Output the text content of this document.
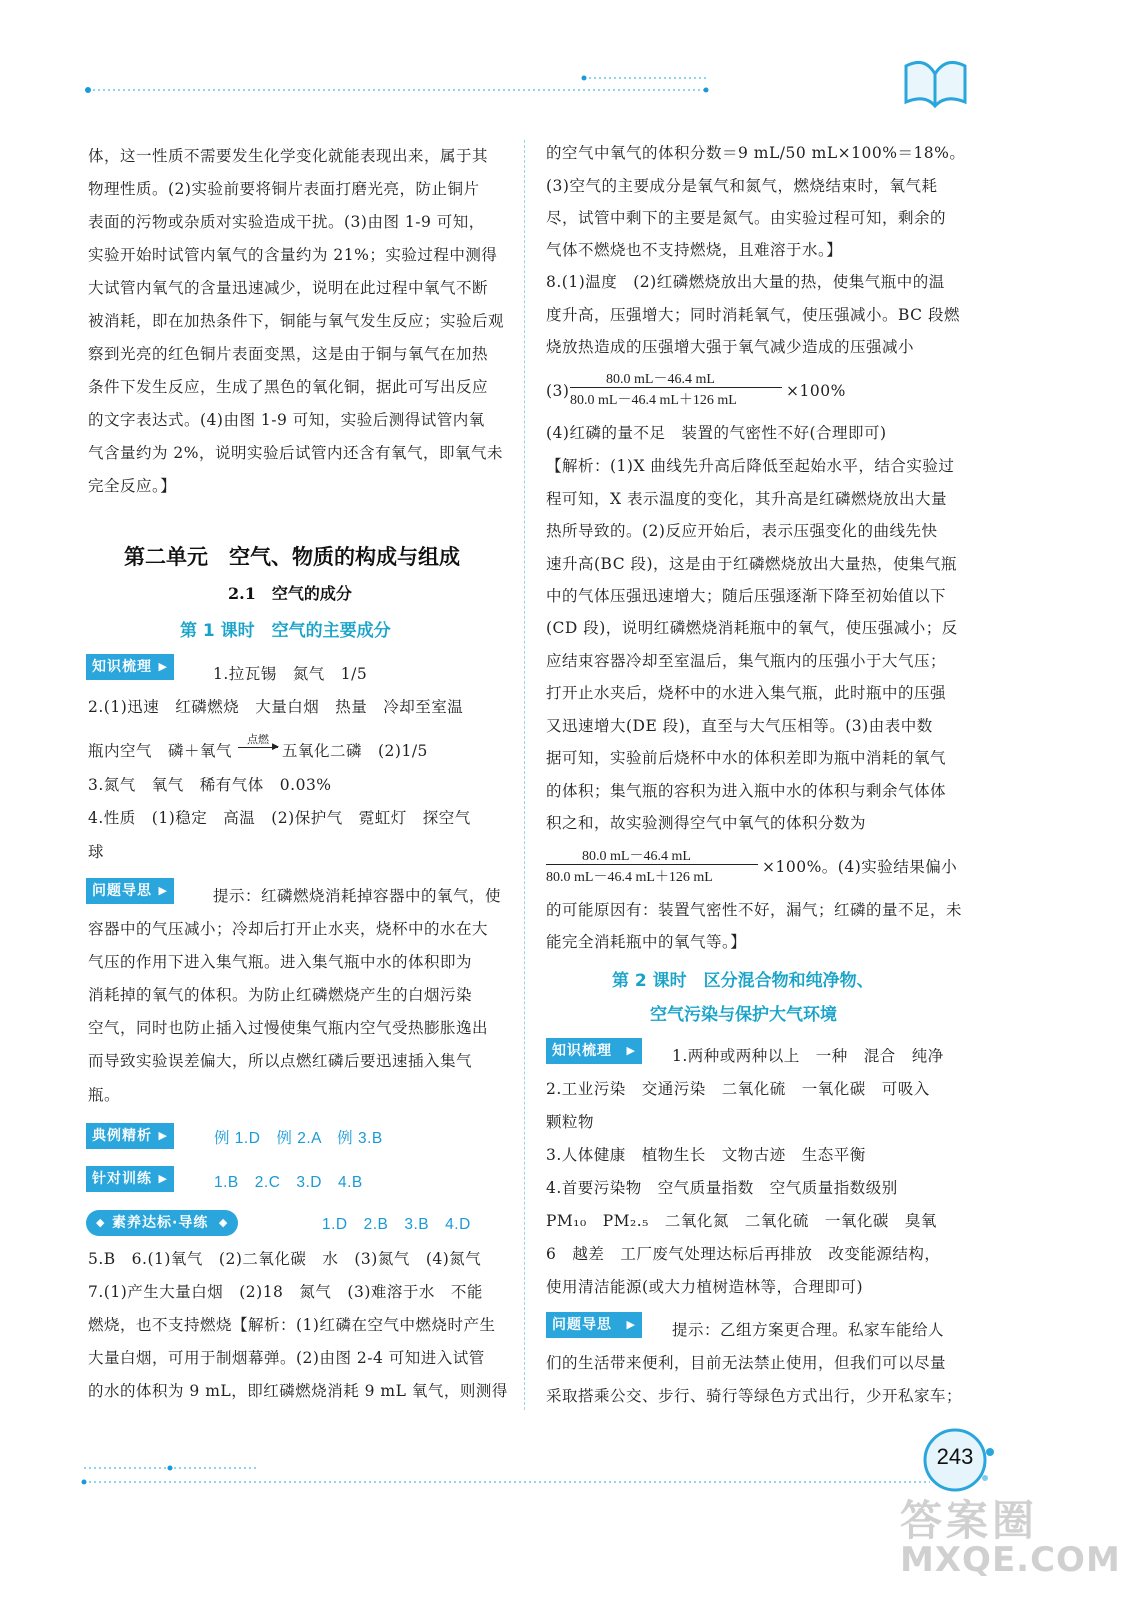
体，这一性质不需要发生化学变化就能表现出来，属于其
物理性质。(2)实验前要将铜片表面打磨光亮，防止铜片
表面的污物或杂质对实验造成干扰。(3)由图 1-9 可知，
实验开始时试管内氧气的含量约为 21%；实验过程中测得
大试管内氧气的含量迅速减少，说明在此过程中氧气不断
被消耗，即在加热条件下，铜能与氧气发生反应；实验后观
察到光亮的红色铜片表面变黑，这是由于铜与氧气在加热
条件下发生反应，生成了黑色的氧化铜，据此可写出反应
的文字表达式。(4)由图 1-9 可知，实验后测得试管内氧
气含量约为 2%，说明实验后试管内还含有氧气，即氧气未
完全反应。】
第二单元　空气、物质的构成与组成
2.1　空气的成分
第 1 课时　空气的主要成分
知识梳理 ▶	1.拉瓦锡　氮气　1/5
2.(1)迅速　红磷燃烧　大量白烟　热量　冷却至室温
瓶内空气　磷＋氧气
点燃
▶ 五氧化二磷　(2)1/5
3.氮气　氧气　稀有气体　0.03%
4.性质　(1)稳定　高温　(2)保护气　霓虹灯　探空气
球
问题导思 ▶	提示：红磷燃烧消耗掉容器中的氧气，使
容器中的气压减小；冷却后打开止水夹，烧杯中的水在大
气压的作用下进入集气瓶。进入集气瓶中水的体积即为
消耗掉的氧气的体积。为防止红磷燃烧产生的白烟污染
空气，同时也防止插入过慢使集气瓶内空气受热膨胀逸出
而导致实验误差偏大，所以点燃红磷后要迅速插入集气
瓶。
典例精析 ▶	例 1.D　例 2.A　例 3.B
针对训练 ▶	1.B　2.C　3.D　4.B
◆ 素养达标·导练 ◆	1.D　2.B　3.B　4.D
5.B　6.(1)氧气　(2)二氧化碳　水　(3)氮气　(4)氮气
7.(1)产生大量白烟　(2)18　氮气　(3)难溶于水　不能
燃烧，也不支持燃烧【解析：(1)红磷在空气中燃烧时产生
大量白烟，可用于制烟幕弹。(2)由图 2-4 可知进入试管
的水的体积为 9 mL，即红磷燃烧消耗 9 mL 氧气，则测得
的空气中氧气的体积分数＝9 mL/50 mL×100%＝18%。
(3)空气的主要成分是氧气和氮气，燃烧结束时，氧气耗
尽，试管中剩下的主要是氮气。由实验过程可知，剩余的
气体不燃烧也不支持燃烧，且难溶于水。】
8.(1)温度　(2)红磷燃烧放出大量的热，使集气瓶中的温
度升高，压强增大；同时消耗氧气，使压强减小。BC 段燃
烧放热造成的压强增大强于氧气减少造成的压强减小
(3)
80.0 mL－46.4 mL
80.0 mL－46.4 mL＋126 mL
×100%
(4)红磷的量不足　装置的气密性不好(合理即可)
【解析：(1)X 曲线先升高后降低至起始水平，结合实验过
程可知，X 表示温度的变化，其升高是红磷燃烧放出大量
热所导致的。(2)反应开始后，表示压强变化的曲线先快
速升高(BC 段)，这是由于红磷燃烧放出大量热，使集气瓶
中的气体压强迅速增大；随后压强逐渐下降至初始值以下
(CD 段)，说明红磷燃烧消耗瓶中的氧气，使压强减小；反
应结束容器冷却至室温后，集气瓶内的压强小于大气压；
打开止水夹后，烧杯中的水进入集气瓶，此时瓶中的压强
又迅速增大(DE 段)，直至与大气压相等。(3)由表中数
据可知，实验前后烧杯中水的体积差即为瓶中消耗的氧气
的体积；集气瓶的容积为进入瓶中水的体积与剩余气体体
积之和，故实验测得空气中氧气的体积分数为
80.0 mL－46.4 mL
80.0 mL－46.4 mL＋126 mL
×100%。(4)实验结果偏小
的可能原因有：装置气密性不好，漏气；红磷的量不足，未
能完全消耗瓶中的氧气等。】
第 2 课时　区分混合物和纯净物、
空气污染与保护大气环境
知识梳理 ▶	1.两种或两种以上　一种　混合　纯净
2.工业污染　交通污染　二氧化硫　一氧化碳　可吸入
颗粒物
3.人体健康　植物生长　文物古迹　生态平衡
4.首要污染物　空气质量指数　空气质量指数级别
PM₁₀　PM₂.₅　二氧化氮　二氧化硫　一氧化碳　臭氧
6　越差　工厂废气处理达标后再排放　改变能源结构，
使用清洁能源(或大力植树造林等，合理即可)
问题导思 ▶	提示：乙组方案更合理。私家车能给人
们的生活带来便利，目前无法禁止使用，但我们可以尽量
采取搭乘公交、步行、骑行等绿色方式出行，少开私家车；
243
答案圈
MXQE.COM
